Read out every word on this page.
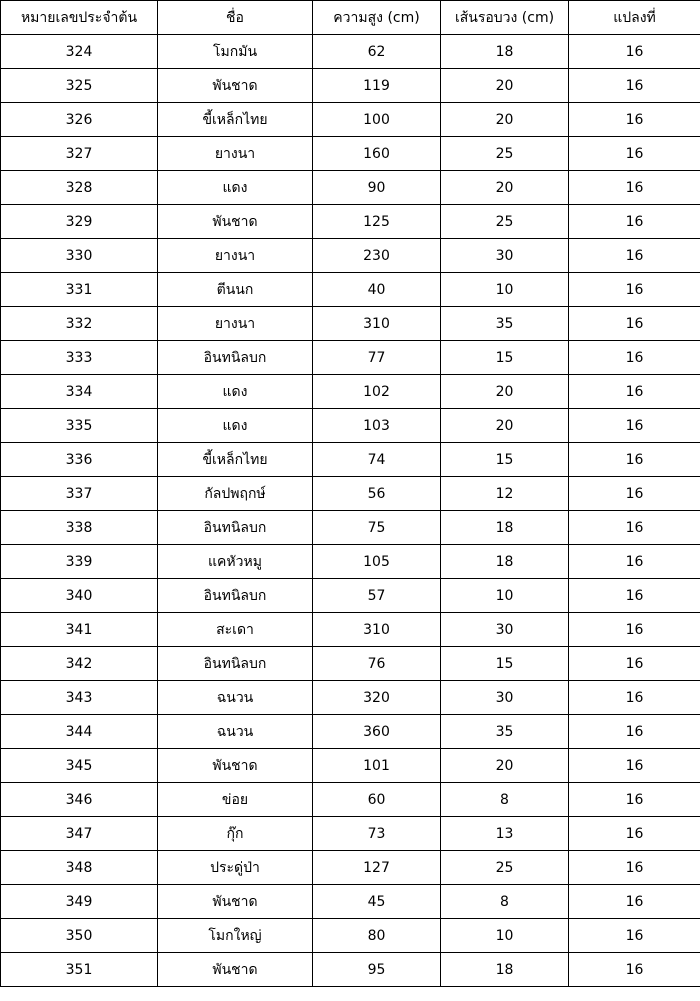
หมายเลขประจำต้น	ชื่อ	ความสูง (cm)	เส้นรอบวง (cm)	แปลงที่
324	โมกมัน	62	18	16
325	พันชาด	119	20	16
326	ขี้เหล็กไทย	100	20	16
327	ยางนา	160	25	16
328	แดง	90	20	16
329	พันชาด	125	25	16
330	ยางนา	230	30	16
331	ตีนนก	40	10	16
332	ยางนา	310	35	16
333	อินทนิลบก	77	15	16
334	แดง	102	20	16
335	แดง	103	20	16
336	ขี้เหล็กไทย	74	15	16
337	กัลปพฤกษ์	56	12	16
338	อินทนิลบก	75	18	16
339	แคหัวหมู	105	18	16
340	อินทนิลบก	57	10	16
341	สะเดา	310	30	16
342	อินทนิลบก	76	15	16
343	ฉนวน	320	30	16
344	ฉนวน	360	35	16
345	พันชาด	101	20	16
346	ข่อย	60	8	16
347	กุ๊ก	73	13	16
348	ประดู่ป่า	127	25	16
349	พันชาด	45	8	16
350	โมกใหญ่	80	10	16
351	พันชาด	95	18	16
